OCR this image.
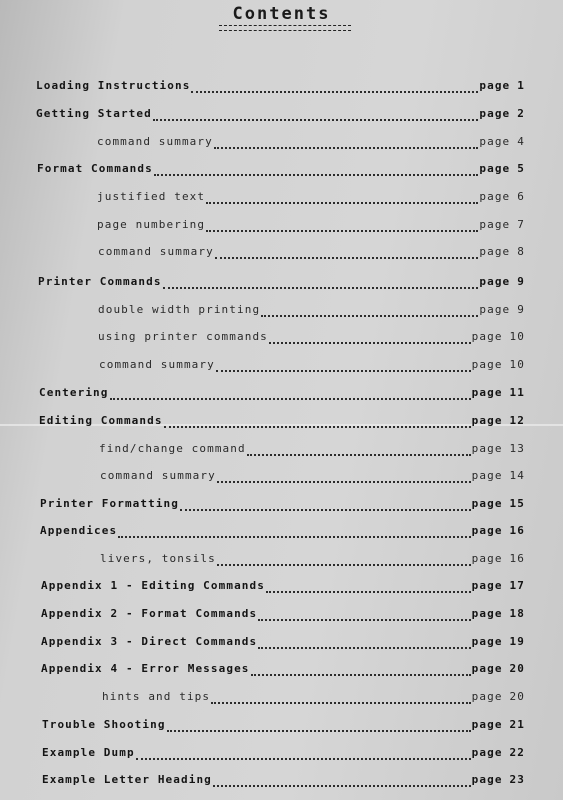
Contents
Loading Instructions	page 1
Getting Started	page 2
command summary	page 4
Format Commands	page 5
justified text	page 6
page numbering	page 7
command summary	page 8
Printer Commands	page 9
double width printing	page 9
using printer commands	page 10
command summary	page 10
Centering	page 11
Editing Commands	page 12
find/change command	page 13
command summary	page 14
Printer Formatting	page 15
Appendices	page 16
livers, tonsils	page 16
Appendix 1 - Editing Commands	page 17
Appendix 2 - Format Commands	page 18
Appendix 3 - Direct Commands	page 19
Appendix 4 - Error Messages	page 20
hints and tips	page 20
Trouble Shooting	page 21
Example Dump	page 22
Example Letter Heading	page 23
